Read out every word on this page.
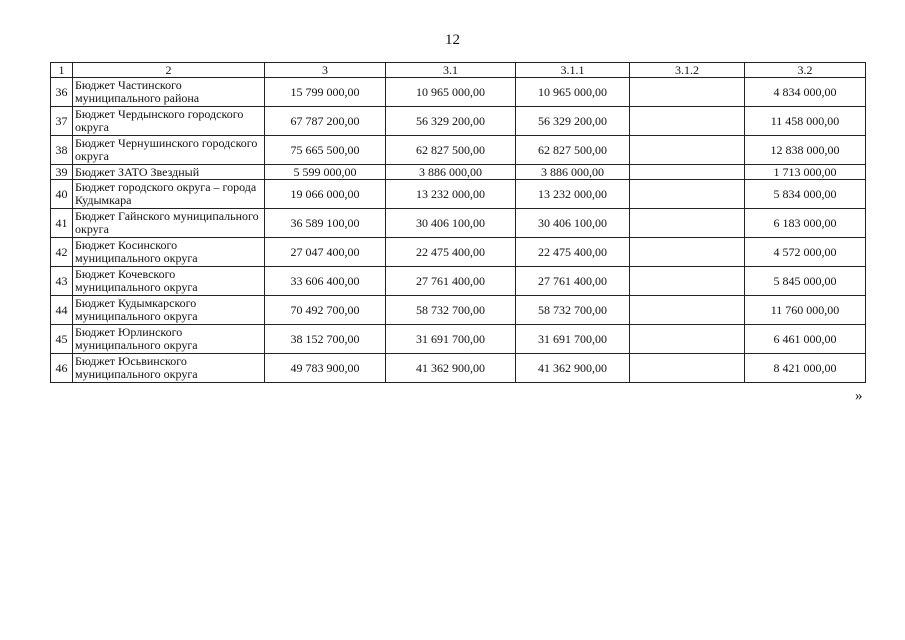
12
1	2	3	3.1	3.1.1	3.1.2	3.2
36	Бюджет Частинского муниципального района	15 799 000,00	10 965 000,00	10 965 000,00		4 834 000,00
37	Бюджет Чердынского городского округа	67 787 200,00	56 329 200,00	56 329 200,00		11 458 000,00
38	Бюджет Чернушинского городского округа	75 665 500,00	62 827 500,00	62 827 500,00		12 838 000,00
39	Бюджет ЗАТО Звездный	5 599 000,00	3 886 000,00	3 886 000,00		1 713 000,00
40	Бюджет городского округа – города Кудымкара	19 066 000,00	13 232 000,00	13 232 000,00		5 834 000,00
41	Бюджет Гайнского муниципального округа	36 589 100,00	30 406 100,00	30 406 100,00		6 183 000,00
42	Бюджет Косинского муниципального округа	27 047 400,00	22 475 400,00	22 475 400,00		4 572 000,00
43	Бюджет Кочевского муниципального округа	33 606 400,00	27 761 400,00	27 761 400,00		5 845 000,00
44	Бюджет Кудымкарского муниципального округа	70 492 700,00	58 732 700,00	58 732 700,00		11 760 000,00
45	Бюджет Юрлинского муниципального округа	38 152 700,00	31 691 700,00	31 691 700,00		6 461 000,00
46	Бюджет Юсьвинского муниципального округа	49 783 900,00	41 362 900,00	41 362 900,00		8 421 000,00
»
